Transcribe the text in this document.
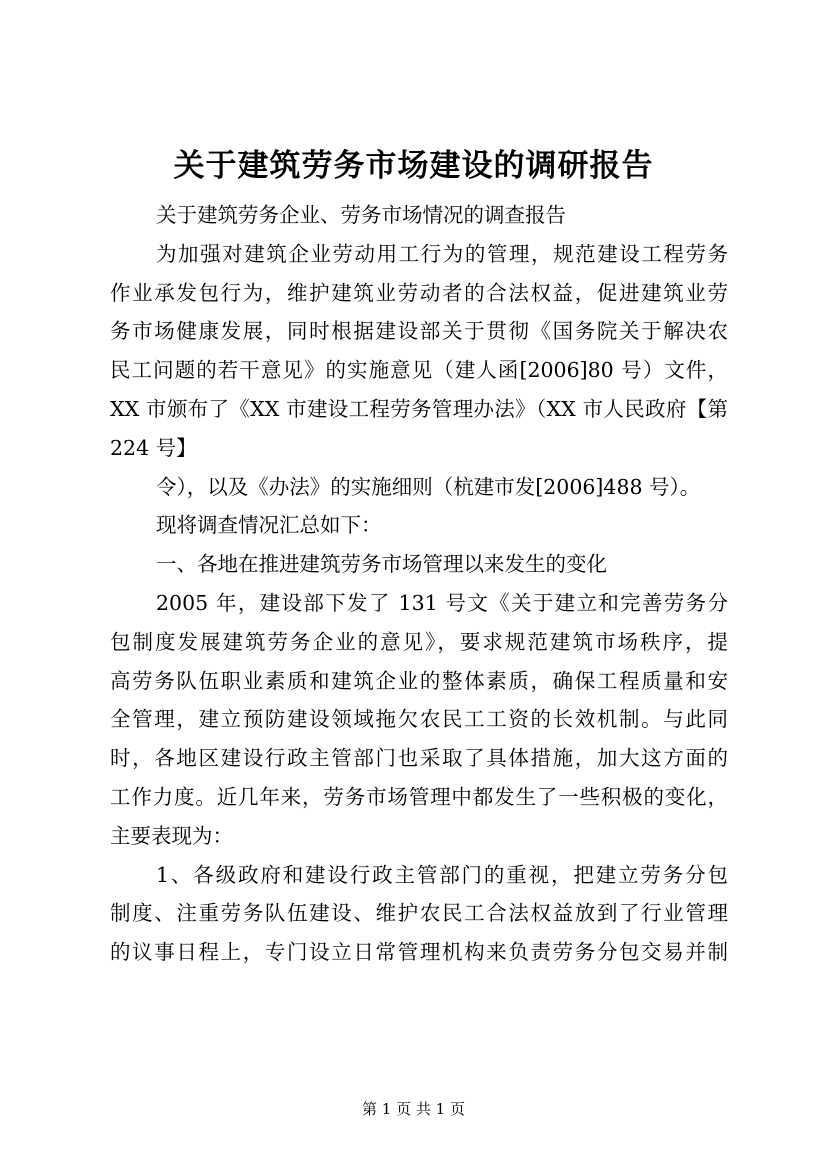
关于建筑劳务市场建设的调研报告
关于建筑劳务企业、劳务市场情况的调查报告
为加强对建筑企业劳动用工行为的管理，规范建设工程劳务
作业承发包行为，维护建筑业劳动者的合法权益，促进建筑业劳
务市场健康发展，同时根据建设部关于贯彻《国务院关于解决农
民工问题的若干意见》的实施意见（建人函[2006]80 号）文件，
XX 市颁布了《XX 市建设工程劳务管理办法》（XX 市人民政府【第
224 号】
令），以及《办法》的实施细则（杭建市发[2006]488 号）。
现将调查情况汇总如下：
一、各地在推进建筑劳务市场管理以来发生的变化
2005 年，建设部下发了 131 号文《关于建立和完善劳务分
包制度发展建筑劳务企业的意见》，要求规范建筑市场秩序，提
高劳务队伍职业素质和建筑企业的整体素质，确保工程质量和安
全管理，建立预防建设领域拖欠农民工工资的长效机制。与此同
时，各地区建设行政主管部门也采取了具体措施，加大这方面的
工作力度。近几年来，劳务市场管理中都发生了一些积极的变化，
主要表现为：
1、各级政府和建设行政主管部门的重视，把建立劳务分包
制度、注重劳务队伍建设、维护农民工合法权益放到了行业管理
的议事日程上，专门设立日常管理机构来负责劳务分包交易并制
第 1 页 共 1 页
